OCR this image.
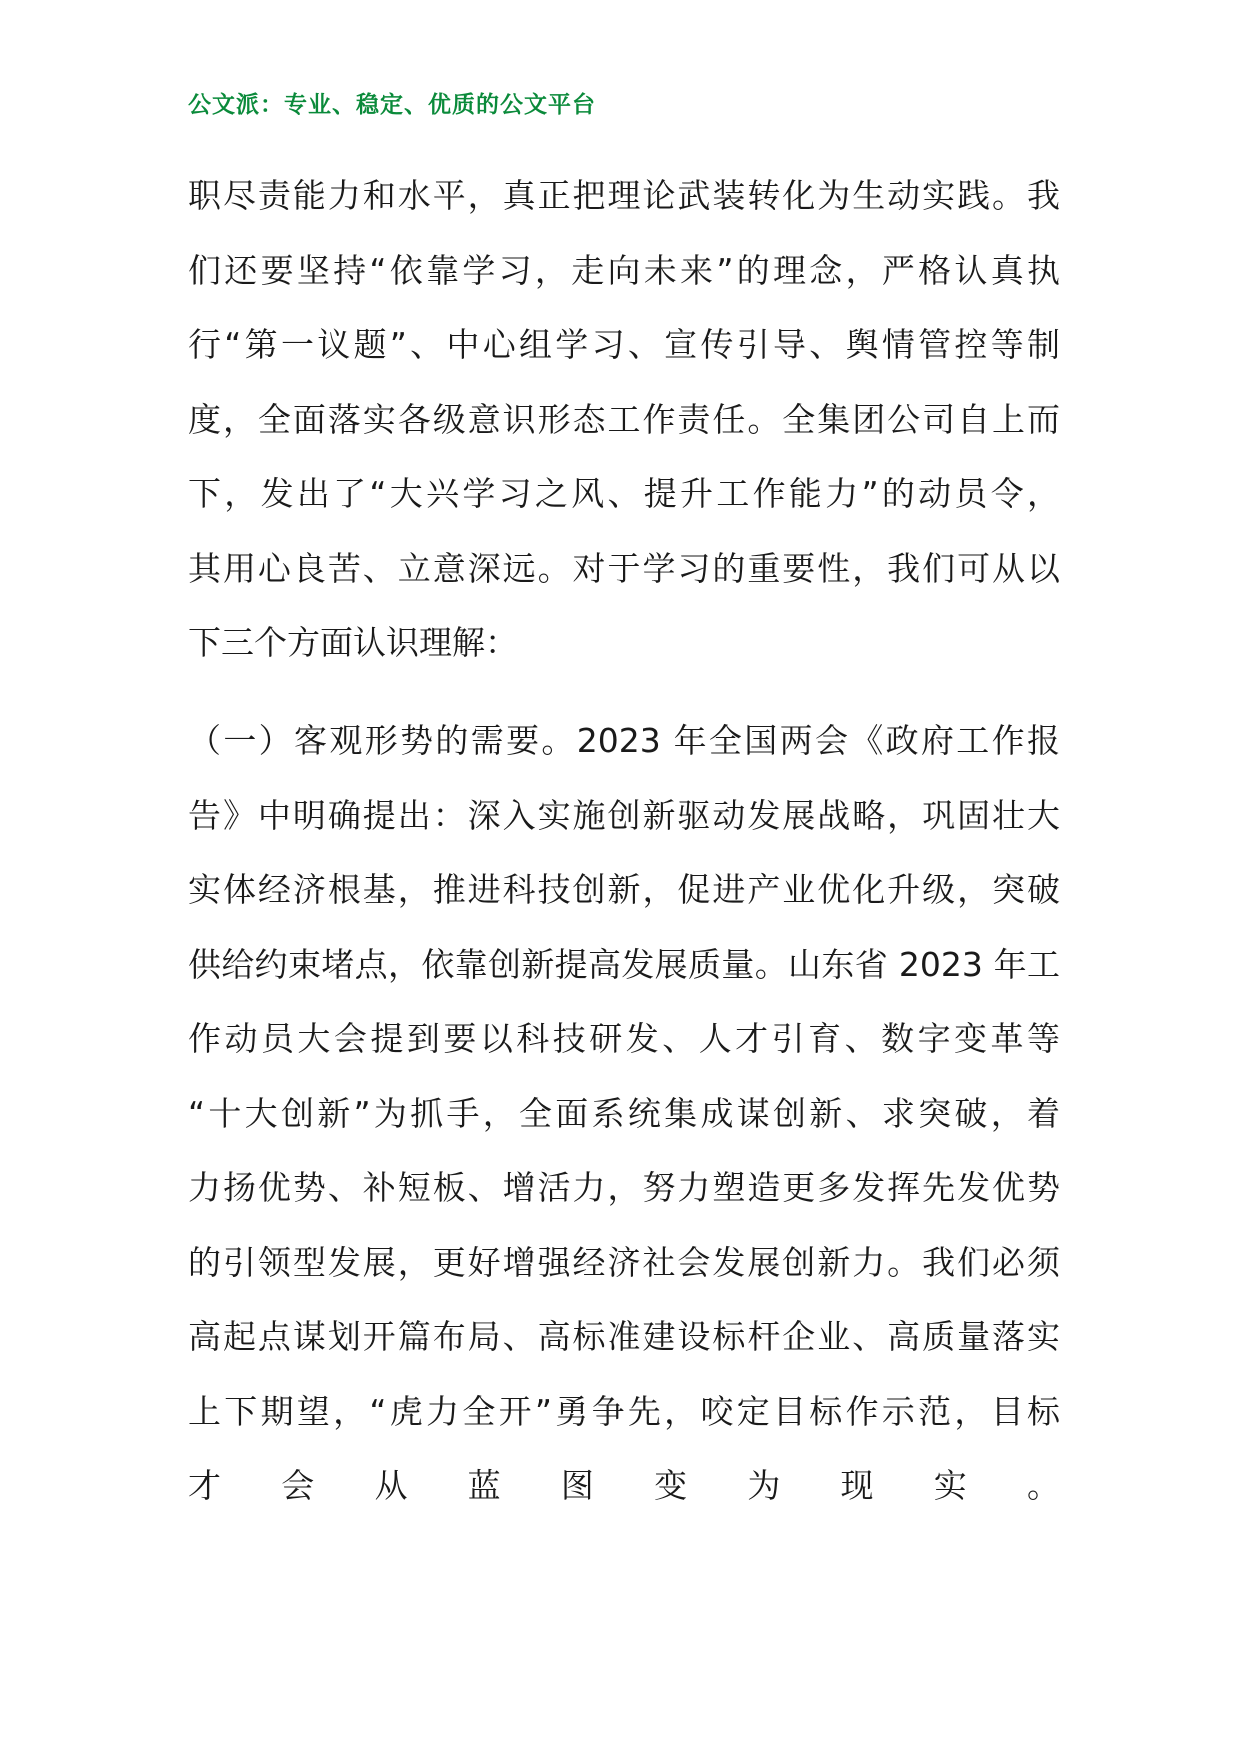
公文派：专业、稳定、优质的公文平台
职尽责能力和水平，真正把理论武装转化为生动实践。我
们还要坚持“依靠学习，走向未来”的理念，严格认真执
行“第一议题”、中心组学习、宣传引导、舆情管控等制
度，全面落实各级意识形态工作责任。全集团公司自上而
下，发出了“大兴学习之风、提升工作能力”的动员令，
其用心良苦、立意深远。对于学习的重要性，我们可从以
下三个方面认识理解：
（一）客观形势的需要。2023 年全国两会《政府工作报
告》中明确提出：深入实施创新驱动发展战略，巩固壮大
实体经济根基，推进科技创新，促进产业优化升级，突破
供给约束堵点，依靠创新提高发展质量。山东省 2023 年工
作动员大会提到要以科技研发、人才引育、数字变革等
“十大创新”为抓手，全面系统集成谋创新、求突破，着
力扬优势、补短板、增活力，努力塑造更多发挥先发优势
的引领型发展，更好增强经济社会发展创新力。我们必须
高起点谋划开篇布局、高标准建设标杆企业、高质量落实
上下期望，“虎力全开”勇争先，咬定目标作示范，目标
才会从蓝图变为现实。
